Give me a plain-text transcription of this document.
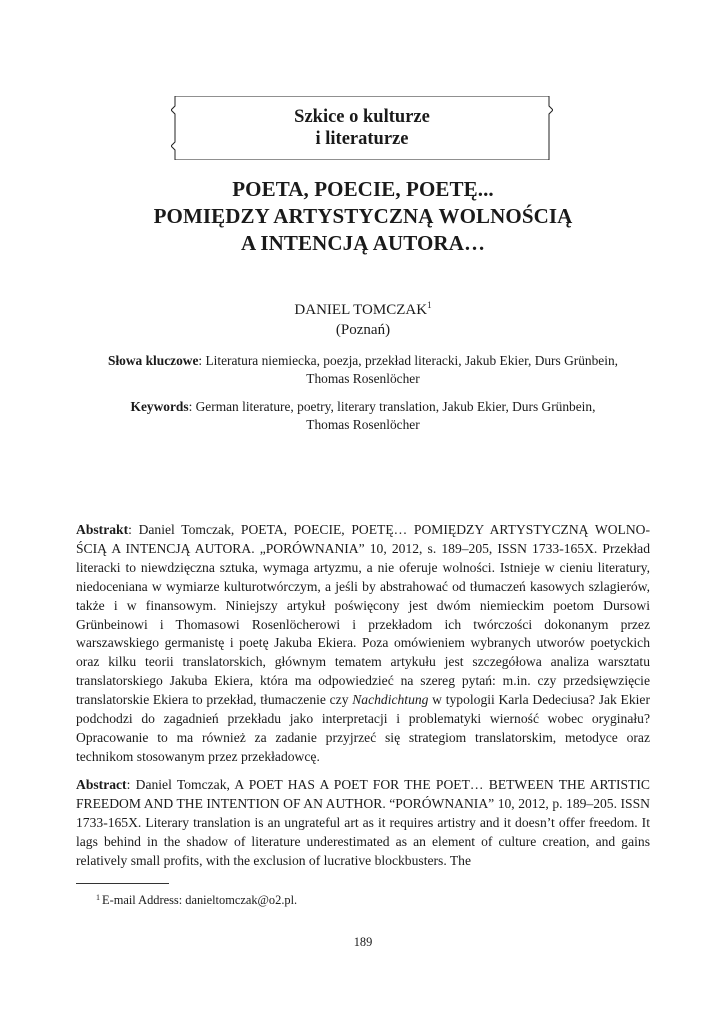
Szkice o kulturze
i literaturze
POETA, POECIE, POETĘ...
POMIĘDZY ARTYSTYCZNĄ WOLNOŚCIĄ
A INTENCJĄ AUTORA…
DANIEL TOMCZAK$^1$
(Poznań)
Słowa kluczowe: Literatura niemiecka, poezja, przekład literacki, Jakub Ekier, Durs Grünbein,
Thomas Rosenlöcher
Keywords: German literature, poetry, literary translation, Jakub Ekier, Durs Grünbein,
Thomas Rosenlöcher
Abstrakt: Daniel Tomczak, POETA, POECIE, POETĘ… POMIĘDZY ARTYSTYCZNĄ WOLNO-ŚCIĄ A INTENCJĄ AUTORA. „PORÓWNANIA” 10, 2012, s. 189–205, ISSN 1733-165X. Przekład literacki to niewdzięczna sztuka, wymaga artyzmu, a nie oferuje wolności. Istnieje w cieniu literatury, niedoceniana w wymiarze kulturotwórczym, a jeśli by abstrahować od tłumaczeń kasowych szlagierów, także i w finansowym. Niniejszy artykuł poświęcony jest dwóm niemieckim poetom Dursowi Grünbeinowi i Thomasowi Rosenlöcherowi i przekładom ich twórczości dokonanym przez warszawskiego germanistę i poetę Jakuba Ekiera. Poza omówieniem wybranych utworów poetyckich oraz kilku teorii translatorskich, głównym tematem artykułu jest szczegółowa analiza warsztatu translatorskiego Jakuba Ekiera, która ma odpowiedzieć na szereg pytań: m.in. czy przedsięwzięcie translatorskie Ekiera to przekład, tłumaczenie czy Nachdichtung w typologii Karla Dedeciusa? Jak Ekier podchodzi do zagadnień przekładu jako interpretacji i problematyki wierność wobec oryginału? Opracowanie to ma również za zadanie przyjrzeć się strategiom translatorskim, metodyce oraz technikom stosowanym przez przekładowcę.
Abstract: Daniel Tomczak, A POET HAS A POET FOR THE POET… BETWEEN THE ARTISTIC FREEDOM AND THE INTENTION OF AN AUTHOR. “PORÓWNANIA” 10, 2012, p. 189–205. ISSN 1733-165X. Literary translation is an ungrateful art as it requires artistry and it doesn’t offer freedom. It lags behind in the shadow of literature underestimated as an element of culture creation, and gains relatively small profits, with the exclusion of lucrative blockbusters. The
$^1$ E-mail Address: danieltomczak@o2.pl.
189
